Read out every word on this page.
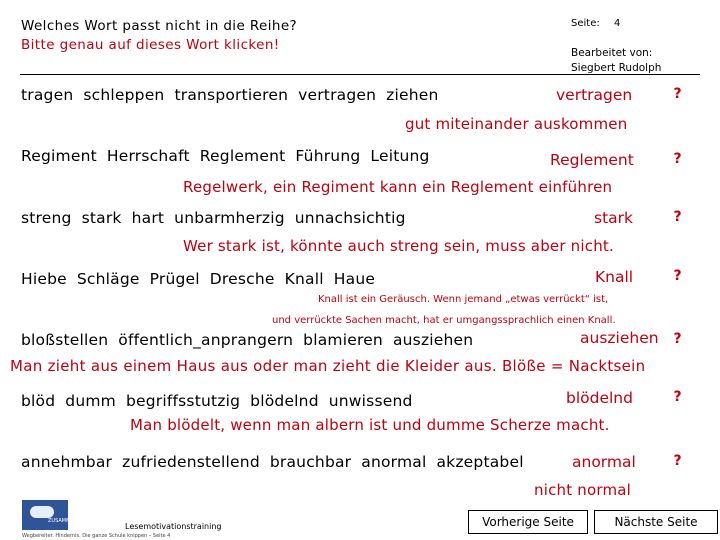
Welches Wort passt nicht in die Reihe?
Bitte genau auf dieses Wort klicken!
Seite: 4
Bearbeitet von:
Siegbert Rudolph
tragen schleppen transportieren vertragen ziehen	vertragen	?
gut miteinander auskommen
Regiment Herrschaft Reglement Führung Leitung	Reglement	?
Regelwerk, ein Regiment kann ein Reglement einführen
streng stark hart unbarmherzig unnachsichtig	stark	?
Wer stark ist, könnte auch streng sein, muss aber nicht.
Hiebe Schläge Prügel Dresche Knall Haue	Knall	?
Knall ist ein Geräusch. Wenn jemand „etwas verrückt“ ist,
und verrückte Sachen macht, hat er umgangssprachlich einen Knall.
bloßstellen öffentlich_anprangern blamieren ausziehen	ausziehen	?
Man zieht aus einem Haus aus oder man zieht die Kleider aus. Blöße = Nacktsein
blöd dumm begriffsstutzig blödelnd unwissend	blödelnd	?
Man blödelt, wenn man albern ist und dumme Scherze macht.
annehmbar zufriedenstellend brauchbar anormal akzeptabel	anormal	?
nicht normal
ZUSAMMENFASSUNG
Lesemotivationstraining
Wegbereiter. Hindernis. Die ganze Schule knippen – Seite 4
Vorherige Seite	Nächste Seite
